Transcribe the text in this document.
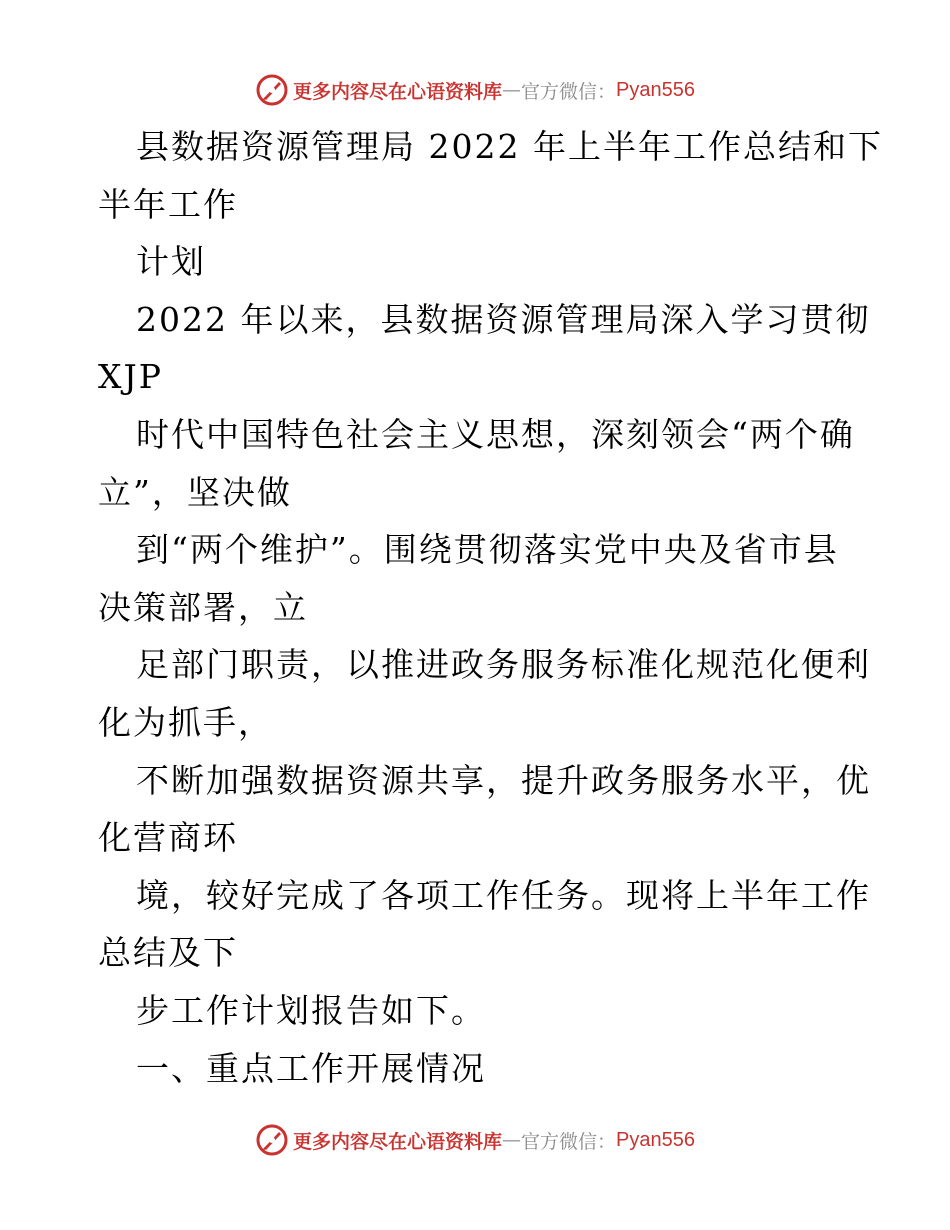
更多内容尽在心语资料库 — 官方微信： Pyan556
县数据资源管理局 2022 年上半年工作总结和下
半年工作
计划
2022 年以来，县数据资源管理局深入学习贯彻
XJP
时代中国特色社会主义思想，深刻领会“两个确
立”，坚决做
到“两个维护”。围绕贯彻落实党中央及省市县
决策部署，立
足部门职责，以推进政务服务标准化规范化便利
化为抓手，
不断加强数据资源共享，提升政务服务水平，优
化营商环
境，较好完成了各项工作任务。现将上半年工作
总结及下
步工作计划报告如下。
一、重点工作开展情况
更多内容尽在心语资料库 — 官方微信： Pyan556
